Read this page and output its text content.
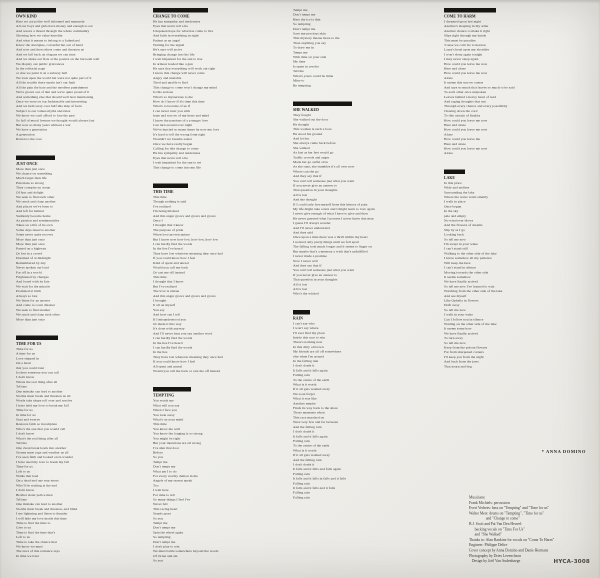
OWN KIND
Here we are polite well informed and mannerly
All our boys and girls have money and enough to eat
And weave a thread through the whole community
Showing how we value heredity
And what it means to belong to a fatherland
Know the aborigine, colourful but out of hand
And now and then others come and threaten us
And we fall back on slogans we can trust
And we shake our fists at the posters on the barroom wall
We display our public grievances
In the editorial page
or else we paint it on a subway hall
We look upon the world but were not quite part of it
All the trouble there surely isn't our fault
All the pain the hate and the needless punishment
We're grown out of that and we're quite proud of it
And something else that should well bear mentioning
Once we were on top fashionable and interesting
And we held sway over half this ship of fools
Subject to our values myths and rules
We know we can't afford to lose the past
So full of moral lessons we thought would always last
But now so many years without a war
We have a generation
A generation
Rotten to the core
JUST ONCE
More than just once
We chance on something
Much larger than life
Emotions so strong
They conspire an ocean
Of fear and delight
We seek to find each other
We reach and clasp another
And places we've been to
And left far behind
Suddenly become home
As passion and sentimentality
Takes on a life of its own
Some days deserve another
Some never quite recover
More than just once
More than just once
Passed on a highway
Or lost in a crowd
Dreamed of at midnight
Remembered by day
Never spoken out loud
Far off in a world
Frightened by changes
And bored with its fate
We wait for the miracle
Promised at birth
Always so late
We listen for an answer
And come to court disaster
We seek to find another
We reach and clasp each other
More than just once
TIME FOR US
Time for us
A time for us
Love stepped in
On a heart
that you could trust
Is there someone you can call
I don't know
Whats the real thing after all
Tell me
One mistake can lead to another
Storms must break and threaten us all
Words take shape roll over and resolve
I have held my love to break my fall
Time for us
In time for us
Start and swerve
Restores faith so incomplete
Who's the one that you would call
I don't know
What's the real thing after all
Tell me
One clean break leads into another
Storms must rage and weather us all
I've seen faith and looked on in wonder
I have used my love to break my fall
Time for us
Left to us
Walks that lead
On a dead end one way street
Who'll be waiting at the end
I don't know
Brother sister police men
Tell me
One mistake can lead to another
Storms must break and threaten, and blind
I see lightning and listen to thunder
I will hide my love inside this time
Time to find the time to
Give to us
Time to find the time that's
Left to us
Time to take the chance that
We know we must
The laws of this romance says
In time we trust
CHANGE TO COME
He has sympathy and tenderness
Eyes that never tell a lie
Unspoken hope for what has come to live
And faith in everything in sight
Patient as an angel
Waiting for the signal
He's sure will arrive
Bringing change into his life
I wait impatient for the sun to rise
In armour leaded like a gun
He says that everything will work out right
I know this change will never come
Angry and unstable
Tired and unable to find
This change to come won't change my mind
Is this serious
What's so mysterious to me
How do I know if it's time this time
What's to become of us if
I can never trust you with
hope and sorrow of my heart and mind
I know the passions of a younger love
Can turn around over night
We've hurried so many times by now my love
It's hard to tell the wrong from right
Wouldn't we breathe easier
Once we have really begun
Calling for this change to come
He has sympathy and tenderness
Eyes that never tell a lie
I wait impatient for the sun to set
This change to come into my life
THIS TIME
This time
Though nothing is said
I've realized
I'm being mislead
And this anger grows and grows and grows
Once I
I thought that I knew
The purpose of pride
When love proven untrue
But I know now how low, how low, how low
I can hardly find the words
In the lies I've heard
They have lost whatever meaning they once had
If you could know how I feel
Kind of spent and unreal
Would you call me back
Or cast me off instead
This time
I thought that I knew
But I've realized
The love is untrue
And this anger grows and grows and grows
I brought
It all on myself
You say
And how can I tell
If I misunderstood you
Or made it this way
It's done with anyway
And I'll never hear you say another word
I can hardly find the words
In the lies I've heard
I can hardly find the words
In the lies
They have lost whatever meaning they once had
If you could know how I feel
All spent and unreal
Would you call me back or cast me off instead
TEMPTING
You watch me
What will you say
When I face you
You look away
What's on your mind
This time
You know me well
You know the longing is so strong
You might be right
But your intentions are all wrong
I've shut that door
Before
So you
Tempt me
Don't tempt me
What am I to do
For every worthy demon in me
Angels of my reason speak
Too
I wait here
For time to tell
So many things I feel I've
Never felt
This racing heart
Stands apart
So you
Tempt me
Don't tempt me
Spin the wheel again
So tempting
Don't tempt me
I don't play to win
We must battle somewhere beyond the words
Of virtue and sin
So you
Tempt me
Don't tempt me
Here the ice is thin
So tempting
Don't tempt me
Save my precious skin
This mystery means more to me
Than anything you say
To draw me in
Tempt me
With time on your side
My time
Is spent in revolte
Tell me
What's yours could be mine
Mine to
Be tempting
SHE WALKED
They fought
She walked out the door
He thought
This woman is such a bore
He stood his ground
And let her
She always came back before
She walked
As fast as her feet would go
Traffic crowds and anger
Made her go awful slow
As she runs, she stumbles it's all over now
Where can she go
And they say that if
You can't tell someone just what you want
If you never give an answer to
That question in your thoughts
All is lost
And she thought
If I could only free myself from this history of pain
My life might take a turn and I might learn to love again
I never give enough of what I have to give and then
He never guessed what I possess I never knew that man
I guess I'll always wonder
And I'll never understand
And they said
Once upon a time there was a thrill within my heart
I noticed only pretty things until we fell apart
The falling took much longer and it seems to linger on
But maybe that's a memory a wish that's unfulfilled
I never made a promise
Now I never will
And they say that if
You can't tell someone just what you want
If you never give an answer to
That question in your thoughts
All is lost
All is lost
Who's the wicked
RAIN
I can't say who
I won't say where
I'll ever find my place
Inside this race to win
There's nothing new
In this dirty old town
My friends are all off somewhere
else when I'm around
In the falling rain
I don't doubt it
It falls and it falls again
Falling rain
To the centre of the earth
What is it worth
If it all gets washed away
We soon forget
What it was like
Another empire
Finds its way back to the shore
Those moments when
This race marched on
Were very few and far between
And the falling rain
I don't doubt it
It falls and it falls again
Falling rain
To the center of the earth
What is it worth
If it all gets washed away
And the falling rain
I don't doubt it
It falls and it falls and falls again
Falling rain
It falls and it falls in falls and it falls
Falling rain
It falls and it falls and it falls
Falling rain
Falling rain
COME TO HARM
I dreamed upon last night
Another's sleeping in my arms
Another chance to make it right
Slips right through my hands
This must be paradise
'Cause we can't lie to heaven
Laura's head upon my shoulder
I won't sleep again tonight
I may never sleep again
How could you leave me now
Here and alone
How could you leave me now
Alone
It seems this sorrow comes
And says so much that leaves so much to be said
To each other once unspoken
Leaves behind a heavy heart of lead
And raging thoughts that run
Through every chance and every possibility
Chasing down the cord
To this curtain of finality
How could you leave me now
Here and alone
How could you leave me now
Alone
How could you leave me
Here and alone
How could you leave me now
Alone
LAKE
In this place
Wide and endless
Surrounding the lake
Where the water waits silently
I walk in place
Once begun
In the sky
pale and empty
No wind ever blows
And the flowers of dreams
Slip by as I go
Looking back
So tell me now
I'm swept in your wake
I can't stand still
Walking to the other side of the lake
I know somehow all my patience
Will keep me here
I can't stand in silence
Moving towards the other side
It seems somehow
We have finally arrived
So tell me now I've learned to wait
Watching from the other side of the lake
And see myself
Like Ophelia in flowers
Drift away
So tell me now
I walk in your wake
Can I follow you in silence
Waiting on the other side of the lake
It seems some how
We have finally arrived
To turn away
So tell me now
Keep from the poison flowers
Far from sharpened corners
I'll keep you from the night
And back from the jaws
That yearn and beg
* ANNA DOMINO
Musicians:
Frank Michiels: percussion
Evert Verhees: bass on "Tempting" and "Time for us"
Walter Mets: drums on "Tempting", "Time for us"
and "Change to come"
B.J. Scott and Pat Van Den Heuvel:
backing vocals on "Time For Us"
and "She Walked"
Thanks to: Alan Rankine for vocals on "Come To Harm"
Engineer: Philippe Delire
Cover concept by Anna Domino and Danie Hermans
Photography by Dries Levenchson
Design by Joël Van Audenhaege	HYCA-3008
